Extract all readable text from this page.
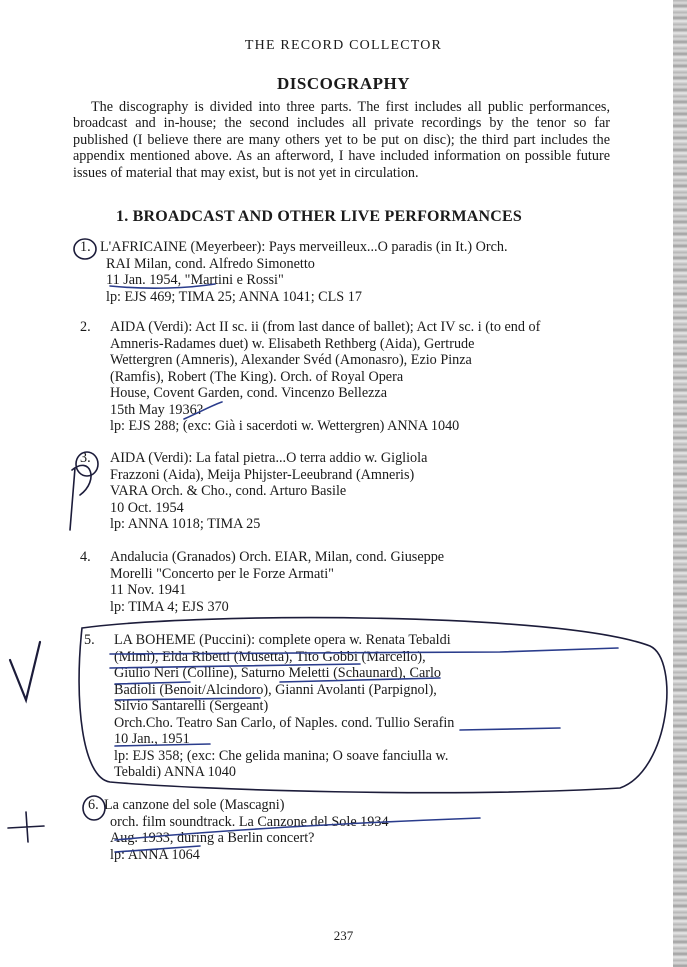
THE RECORD COLLECTOR
DISCOGRAPHY
The discography is divided into three parts. The first includes all public performances, broadcast and in-house; the second includes all private recordings by the tenor so far published (I believe there are many others yet to be put on disc); the third part includes the appendix mentioned above. As an afterword, I have included information on possible future issues of material that may exist, but is not yet in circulation.
1. BROADCAST AND OTHER LIVE PERFORMANCES
1. L'AFRICAINE (Meyerbeer): Pays merveilleux...O paradis (in It.) Orch.
RAI Milan, cond. Alfredo Simonetto
11 Jan. 1954, "Martini e Rossi"
lp: EJS 469; TIMA 25; ANNA 1041; CLS 17
2. AIDA (Verdi): Act II sc. ii (from last dance of ballet); Act IV sc. i (to end of
Amneris-Radames duet) w. Elisabeth Rethberg (Aida), Gertrude
Wettergren (Amneris), Alexander Svéd (Amonasro), Ezio Pinza
(Ramfis), Robert (The King). Orch. of Royal Opera
House, Covent Garden, cond. Vincenzo Bellezza
15th May 1936?
lp: EJS 288; (exc: Già i sacerdoti w. Wettergren) ANNA 1040
3. AIDA (Verdi): La fatal pietra...O terra addio w. Gigliola
Frazzoni (Aida), Meija Phijster-Leeubrand (Amneris)
VARA Orch. & Cho., cond. Arturo Basile
10 Oct. 1954
lp: ANNA 1018; TIMA 25
4. Andalucia (Granados) Orch. EIAR, Milan, cond. Giuseppe
Morelli "Concerto per le Forze Armati"
11 Nov. 1941
lp: TIMA 4; EJS 370
5. LA BOHEME (Puccini): complete opera w. Renata Tebaldi
(Mimì), Elda Ribetti (Musetta), Tito Gobbi (Marcello),
Giulio Neri (Colline), Saturno Meletti (Schaunard), Carlo
Badioli (Benoit/Alcindoro), Gianni Avolanti (Parpignol),
Silvio Santarelli (Sergeant)
Orch.Cho. Teatro San Carlo, of Naples. cond. Tullio Serafin
10 Jan., 1951
lp: EJS 358; (exc: Che gelida manina; O soave fanciulla w.
Tebaldi) ANNA 1040
6. La canzone del sole (Mascagni)
orch. film soundtrack. La Canzone del Sole 1934
Aug. 1933, during a Berlin concert?
lp: ANNA 1064
237
